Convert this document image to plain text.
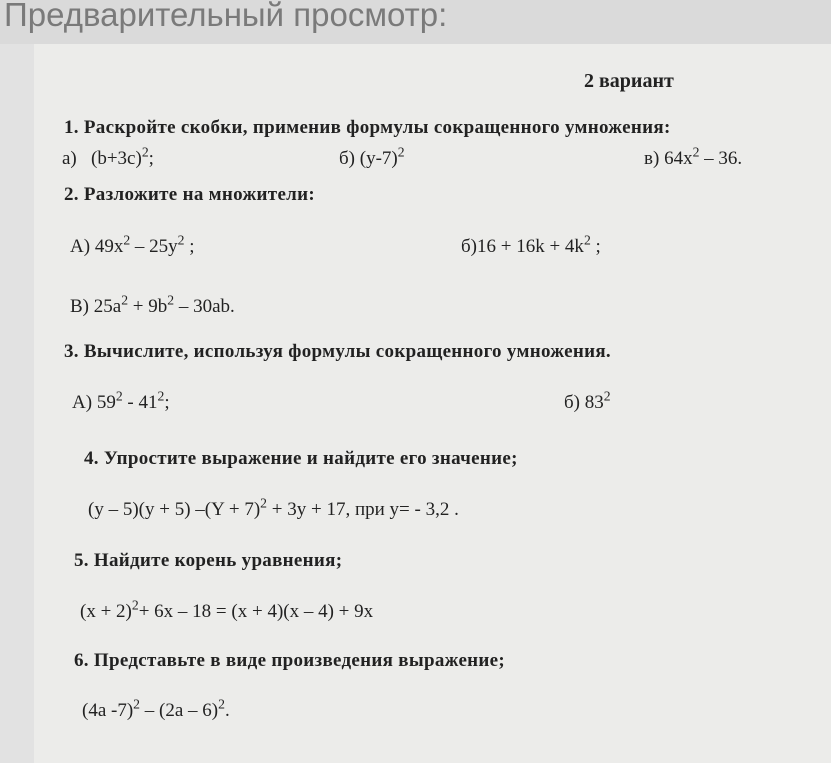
Предварительный просмотр:
2 вариант
1. Раскройте скобки, применив формулы сокращенного умножения:
а) $(b+3c)^2$;	б) $(y-7)^2$	в) $64x^2 - 36$.
2. Разложите на множители:
А) $49x^2 - 25y^2$ ;	$б)16 + 16k + 4k^2$ ;
В) $25a^2 + 9b^2 - 30ab$.
3. Вычислите, используя формулы сокращенного умножения.
А) $59^2 - 41^2$;	б) $83^2$
4. Упростите выражение и найдите его значение;
(y – 5)(y + 5) $-(Y + 7)^2 + 3y + 17$, при y= - 3,2 .
5. Найдите корень уравнения;
$(x + 2)^2+ 6x - 18 = (x + 4)(x - 4) + 9x$
6. Представьте в виде произведения выражение;
(4a -7)$^2$ – (2a – 6)$^2$.
